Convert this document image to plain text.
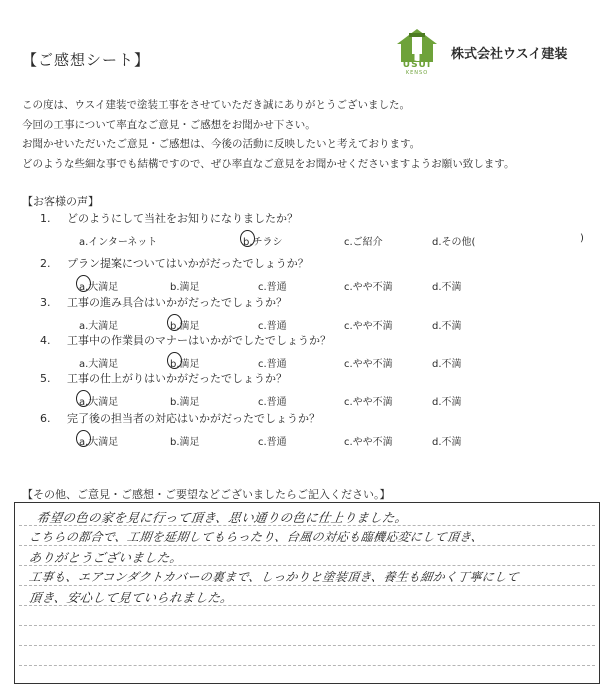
【ご感想シート】	USUI
KENSO
株式会社ウスイ建装
この度は、ウスイ建装で塗装工事をさせていただき誠にありがとうございました。
今回の工事について率直なご意見・ご感想をお聞かせ下さい。
お聞かせいただいたご意見・ご感想は、今後の活動に反映したいと考えております。
どのような些細な事でも結構ですので、ぜひ率直なご意見をお聞かせくださいますようお願い致します。
【お客様の声】
1. どのようにして当社をお知りになりましたか？
a.インターネット	b.チラシ	c.ご紹介	d.その他(	)
2. プラン提案についてはいかがだったでしょうか？
a.大満足	b.満足	c.普通	c.やや不満	d.不満
3. 工事の進み具合はいかがだったでしょうか？
a.大満足	b.満足	c.普通	c.やや不満	d.不満
4. 工事中の作業員のマナーはいかがでしたでしょうか？
a.大満足	b.満足	c.普通	c.やや不満	d.不満
5. 工事の仕上がりはいかがだったでしょうか？
a.大満足	b.満足	c.普通	c.やや不満	d.不満
6. 完了後の担当者の対応はいかがだったでしょうか？
a.大満足	b.満足	c.普通	c.やや不満	d.不満
【その他、ご意見・ご感想・ご要望などございましたらご記入ください。】
希望の色の家を見に行って頂き、思い通りの色に仕上りました。
こちらの都合で、工期を延期してもらったり、台風の対応も臨機応変にして頂き、
ありがとうございました。
工事も、エアコンダクトカバーの裏まで、しっかりと塗装頂き、養生も細かく丁寧にして
頂き、安心して見ていられました。
